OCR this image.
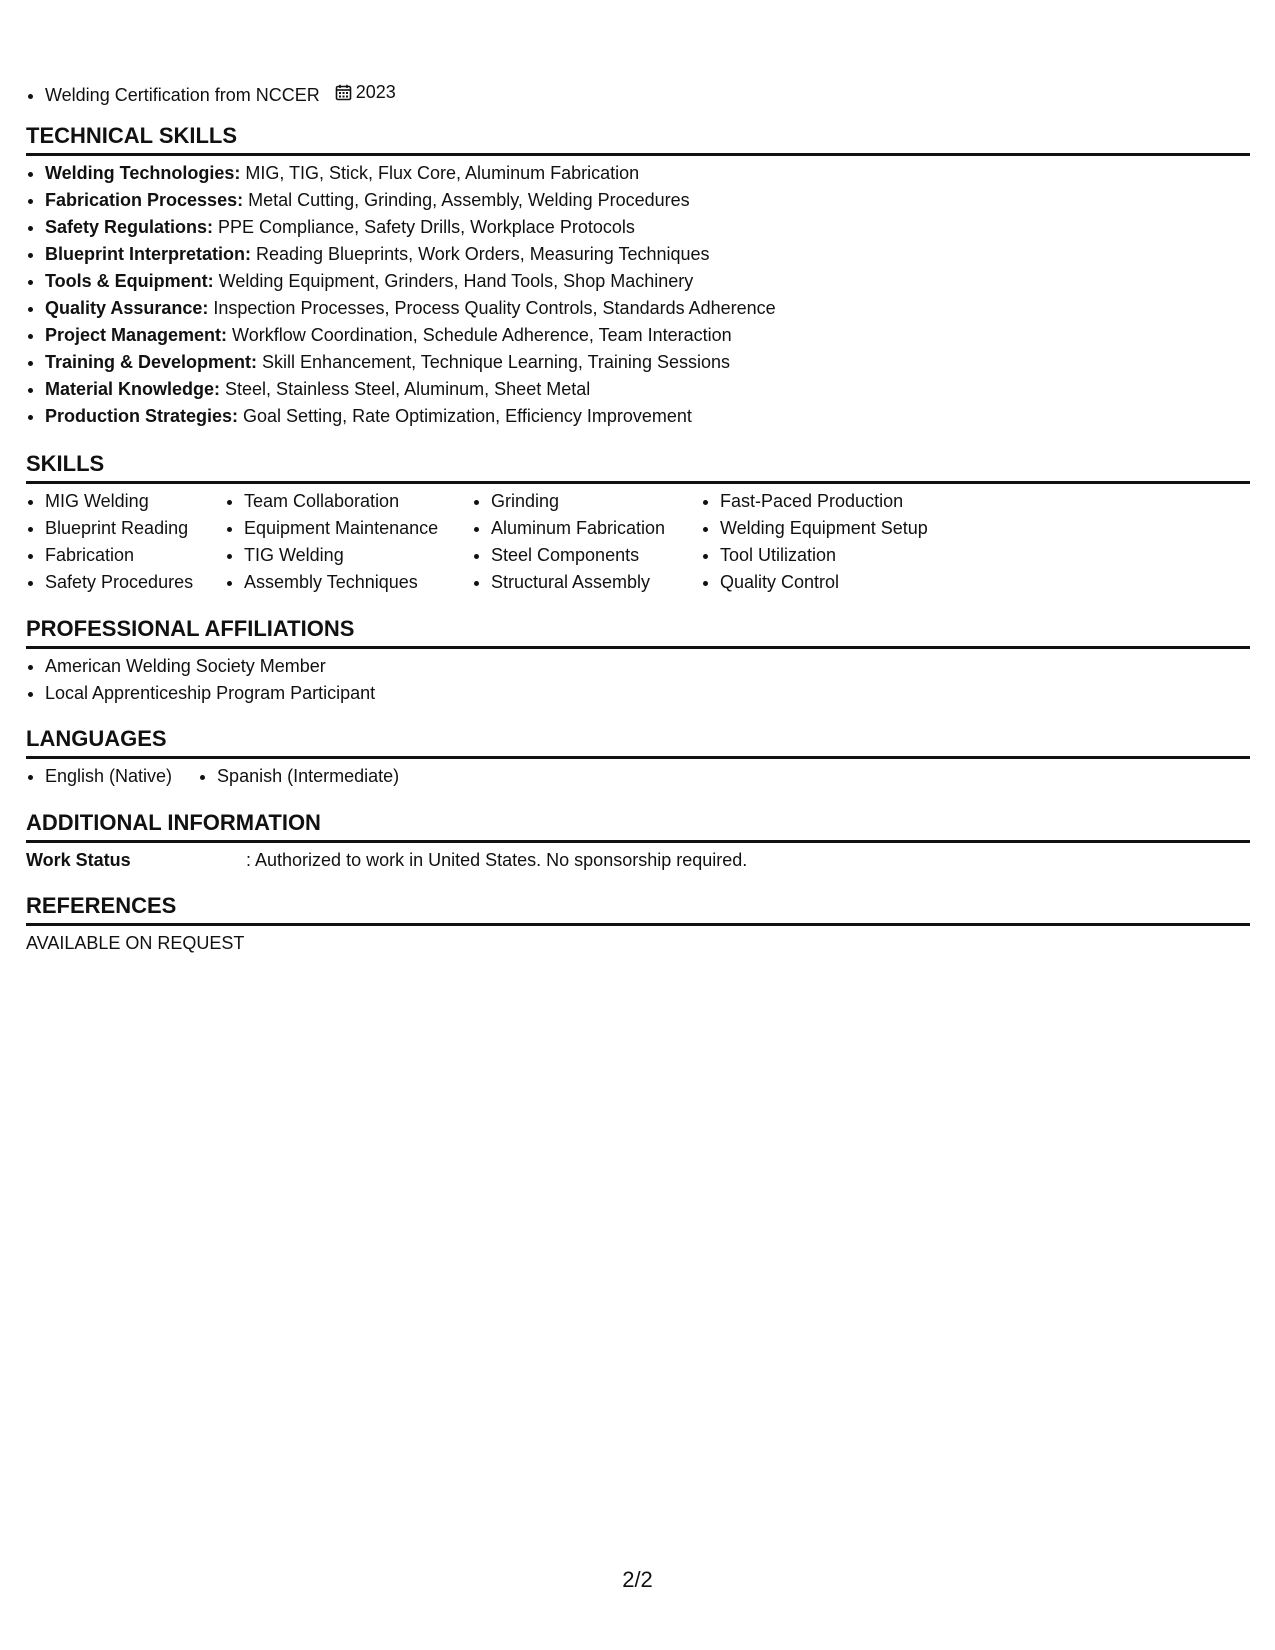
• Welding Certification from NCCER 2023
TECHNICAL SKILLS
• Welding Technologies: MIG, TIG, Stick, Flux Core, Aluminum Fabrication
• Fabrication Processes: Metal Cutting, Grinding, Assembly, Welding Procedures
• Safety Regulations: PPE Compliance, Safety Drills, Workplace Protocols
• Blueprint Interpretation: Reading Blueprints, Work Orders, Measuring Techniques
• Tools & Equipment: Welding Equipment, Grinders, Hand Tools, Shop Machinery
• Quality Assurance: Inspection Processes, Process Quality Controls, Standards Adherence
• Project Management: Workflow Coordination, Schedule Adherence, Team Interaction
• Training & Development: Skill Enhancement, Technique Learning, Training Sessions
• Material Knowledge: Steel, Stainless Steel, Aluminum, Sheet Metal
• Production Strategies: Goal Setting, Rate Optimization, Efficiency Improvement
SKILLS
• MIG Welding
• Blueprint Reading
• Fabrication
• Safety Procedures
• Team Collaboration
• Equipment Maintenance
• TIG Welding
• Assembly Techniques
• Grinding
• Aluminum Fabrication
• Steel Components
• Structural Assembly
• Fast-Paced Production
• Welding Equipment Setup
• Tool Utilization
• Quality Control
PROFESSIONAL AFFILIATIONS
• American Welding Society Member
• Local Apprenticeship Program Participant
LANGUAGES
• English (Native)
•	Spanish (Intermediate)
ADDITIONAL INFORMATION
Work Status	: Authorized to work in United States. No sponsorship required.
REFERENCES
AVAILABLE ON REQUEST
2/2
